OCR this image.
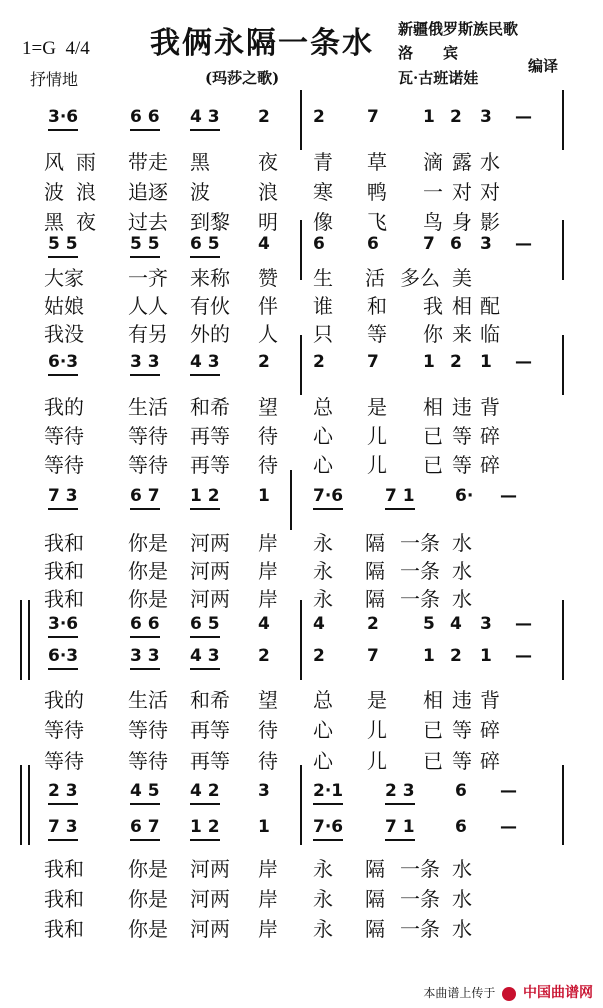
1=G 4/4 我俩永隔一条水
抒情地	(玛莎之歌)
新疆俄罗斯族民歌
洛　　宾
瓦·古班诺娃
编译
3·6	6 6 4 3 2	2 7	1 2 3 —
风 雨 带走 黑 夜 青 草 滴 露 水
波 浪 追逐 波 浪 寒 鸭 一 对 对
黑 夜 过去 到黎 明 像 飞 鸟 身 影
5 5	5 5 6 5 4	6 6	7 6 3 —
大家 一齐 来称 赞 生 活 多么 美
姑娘 人人 有伙 伴 谁 和 我 相 配
我没 有另 外的 人 只 等 你 来 临
6·3	3 3 4 3 2	2 7	1 2 1 —
我的 生活 和希 望 总 是 相 违 背
等待 等待 再等 待 心 儿 已 等 碎
等待 等待 再等 待 心 儿 已 等 碎
7 3	6 7 1 2 1	7·6 7 1 6· —
我和 你是 河两 岸 永 隔 一条 水
我和 你是 河两 岸 永 隔 一条 水
我和 你是 河两 岸 永 隔 一条 水
3·6	6 6 6 5 4	4 2	5 4 3 —
6·3	3 3 4 3 2	2 7	1 2 1 —
我的 生活 和希 望 总 是 相 违 背
等待 等待 再等 待 心 儿 已 等 碎
等待 等待 再等 待 心 儿 已 等 碎
2 3	4 5 4 2 3	2·1 2 3 6 —
7 3	6 7 1 2 1	7·6 7 1 6 —
我和 你是 河两 岸 永 隔 一条 水
我和 你是 河两 岸 永 隔 一条 水
我和 你是 河两 岸 永 隔 一条 水
本曲谱上传于 中国曲谱网
